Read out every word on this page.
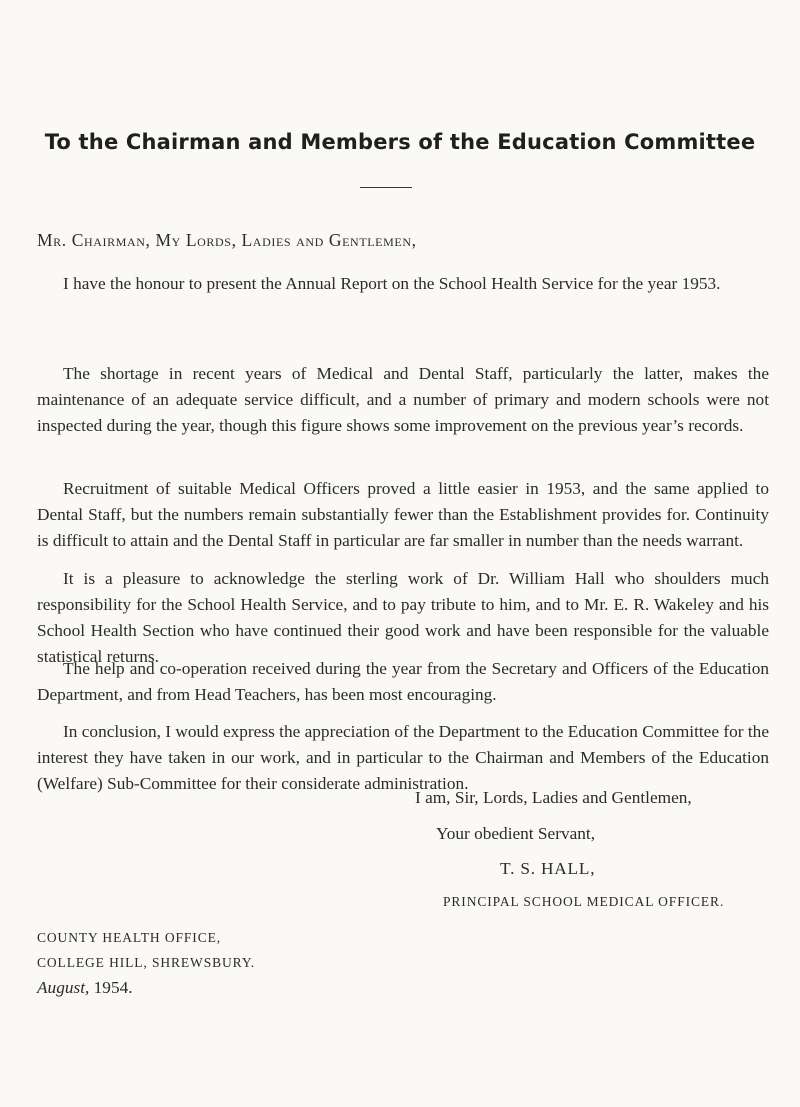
To the Chairman and Members of the Education Committee
Mr. Chairman, My Lords, Ladies and Gentlemen,

I have the honour to present the Annual Report on the School Health Service for the year 1953.

The shortage in recent years of Medical and Dental Staff, particularly the latter, makes the maintenance of an adequate service difficult, and a number of primary and modern schools were not inspected during the year, though this figure shows some improvement on the previous year’s records.

Recruitment of suitable Medical Officers proved a little easier in 1953, and the same applied to Dental Staff, but the numbers remain substantially fewer than the Establishment provides for. Continuity is difficult to attain and the Dental Staff in particular are far smaller in number than the needs warrant.

It is a pleasure to acknowledge the sterling work of Dr. William Hall who shoulders much responsibility for the School Health Service, and to pay tribute to him, and to Mr. E. R. Wakeley and his School Health Section who have continued their good work and have been responsible for the valuable statistical returns.

The help and co-operation received during the year from the Secretary and Officers of the Education Department, and from Head Teachers, has been most encouraging.

In conclusion, I would express the appreciation of the Department to the Education Committee for the interest they have taken in our work, and in particular to the Chairman and Members of the Education (Welfare) Sub-Committee for their considerate administration.

I am, Sir, Lords, Ladies and Gentlemen,
Your obedient Servant,
T. S. HALL,
PRINCIPAL SCHOOL MEDICAL OFFICER.
COUNTY HEALTH OFFICE,
COLLEGE HILL, SHREWSBURY.
August, 1954.
